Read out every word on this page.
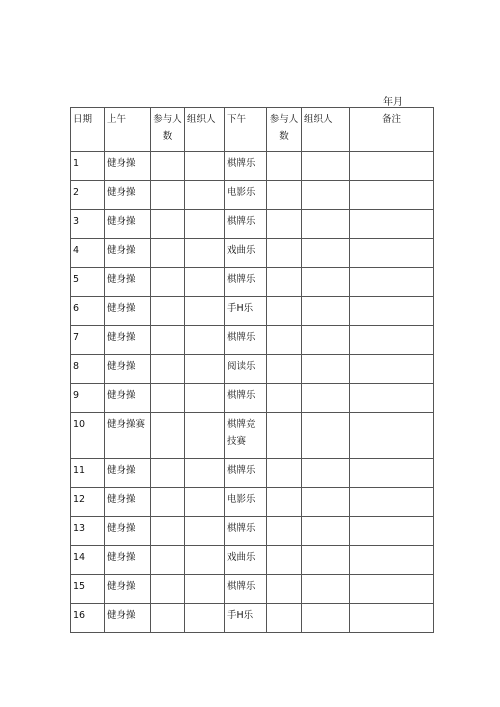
年月
日期	上午	参与人数	组织人	下午	参与人数	组织人	备注
1	健身操			棋牌乐			
2	健身操			电影乐			
3	健身操			棋牌乐			
4	健身操			戏曲乐			
5	健身操			棋牌乐			
6	健身操			手H乐			
7	健身操			棋牌乐			
8	健身操			阅读乐			
9	健身操			棋牌乐			
10	健身操赛			棋牌竞技赛			
11	健身操			棋牌乐			
12	健身操			电影乐			
13	健身操			棋牌乐			
14	健身操			戏曲乐			
15	健身操			棋牌乐			
16	健身操			手H乐			
